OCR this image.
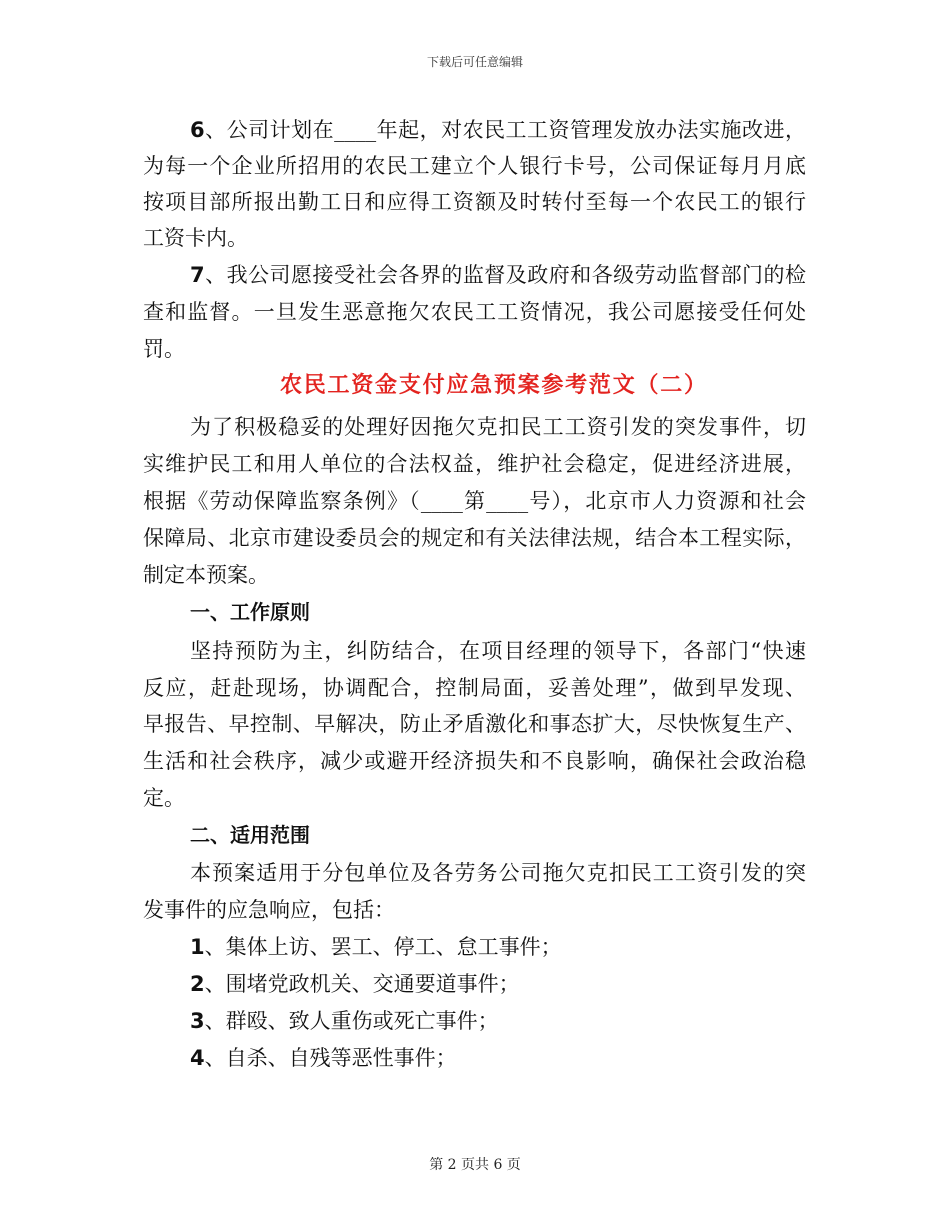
下载后可任意编辑
6、公司计划在____年起，对农民工工资管理发放办法实施改进，
为每一个企业所招用的农民工建立个人银行卡号，公司保证每月月底
按项目部所报出勤工日和应得工资额及时转付至每一个农民工的银行
工资卡内。
7、我公司愿接受社会各界的监督及政府和各级劳动监督部门的检
查和监督。一旦发生恶意拖欠农民工工资情况，我公司愿接受任何处
罚。
农民工资金支付应急预案参考范文（二）
为了积极稳妥的处理好因拖欠克扣民工工资引发的突发事件，切
实维护民工和用人单位的合法权益，维护社会稳定，促进经济进展，
根据《劳动保障监察条例》（____第____号），北京市人力资源和社会
保障局、北京市建设委员会的规定和有关法律法规，结合本工程实际，
制定本预案。
一、工作原则
坚持预防为主，纠防结合，在项目经理的领导下，各部门“快速
反应，赶赴现场，协调配合，控制局面，妥善处理”，做到早发现、
早报告、早控制、早解决，防止矛盾激化和事态扩大，尽快恢复生产、
生活和社会秩序，减少或避开经济损失和不良影响，确保社会政治稳
定。
二、适用范围
本预案适用于分包单位及各劳务公司拖欠克扣民工工资引发的突
发事件的应急响应，包括：
1、集体上访、罢工、停工、怠工事件；
2、围堵党政机关、交通要道事件；
3、群殴、致人重伤或死亡事件；
4、自杀、自残等恶性事件；
第 2 页共 6 页
